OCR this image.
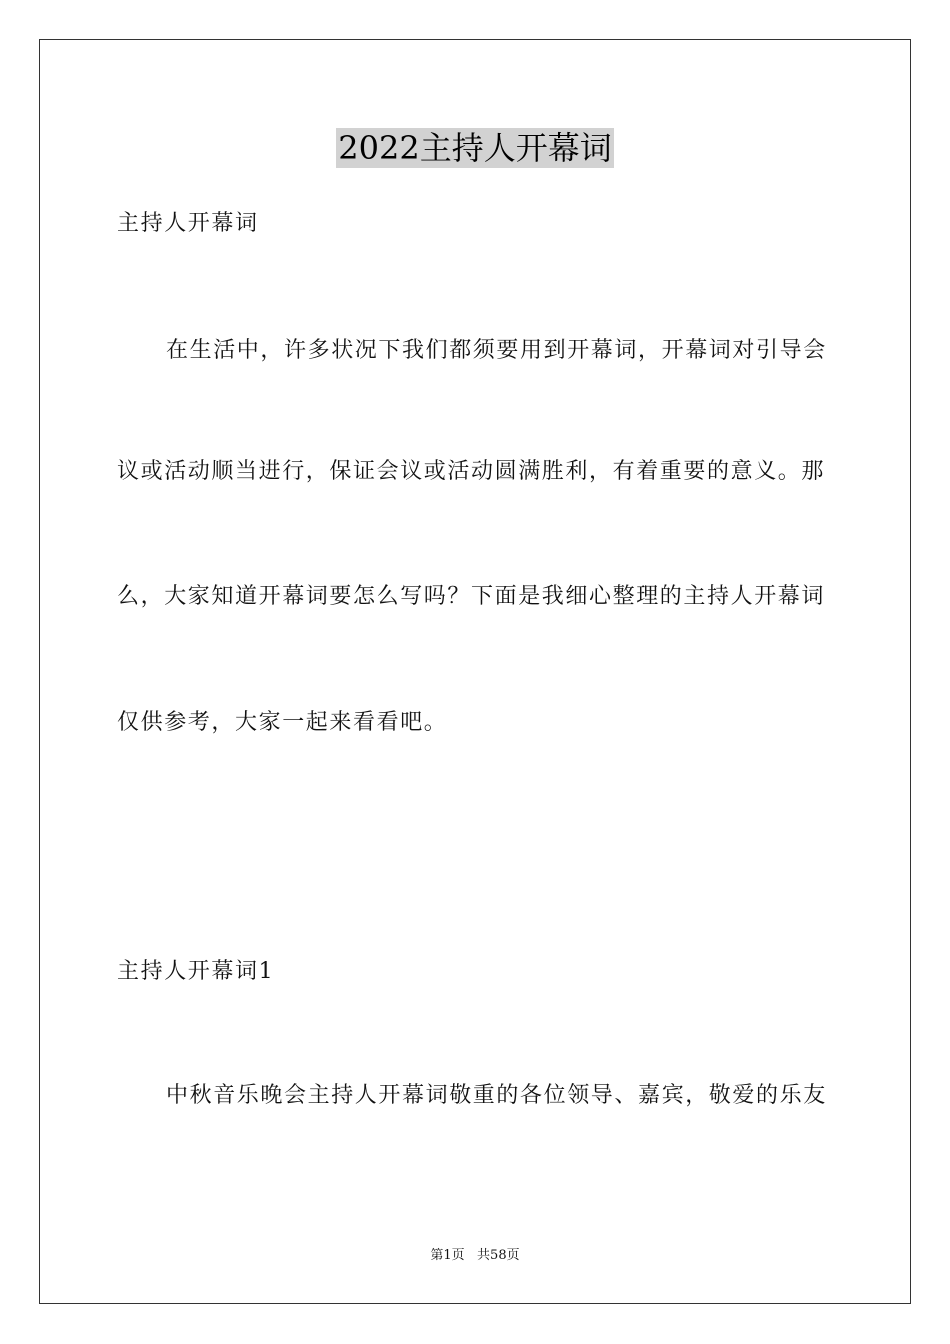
2022主持人开幕词
主持人开幕词
在生活中，许多状况下我们都须要用到开幕词，开幕词对引导会
议或活动顺当进行，保证会议或活动圆满胜利，有着重要的意义。那
么，大家知道开幕词要怎么写吗？下面是我细心整理的主持人开幕词
仅供参考，大家一起来看看吧。
主持人开幕词1
中秋音乐晚会主持人开幕词敬重的各位领导、嘉宾，敬爱的乐友
第1页   共58页
